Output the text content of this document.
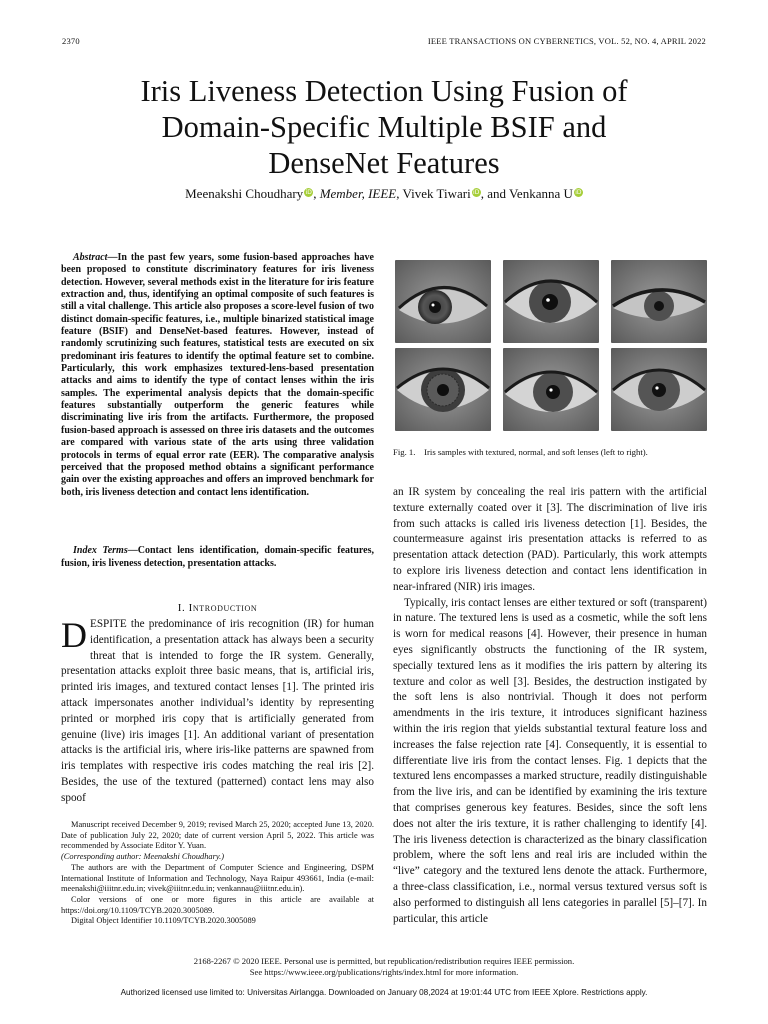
2370	IEEE TRANSACTIONS ON CYBERNETICS, VOL. 52, NO. 4, APRIL 2022
Iris Liveness Detection Using Fusion of
Domain-Specific Multiple BSIF and
DenseNet Features
Meenakshi Choudhary iD, Member, IEEE, Vivek Tiwari iD, and Venkanna U iD
Abstract—In the past few years, some fusion-based approaches have been proposed to constitute discriminatory features for iris liveness detection. However, several methods exist in the literature for iris feature extraction and, thus, identifying an optimal composite of such features is still a vital challenge. This article also proposes a score-level fusion of two distinct domain-specific features, i.e., multiple binarized statistical image feature (BSIF) and DenseNet-based features. However, instead of randomly scrutinizing such features, statistical tests are executed on six predominant iris features to identify the optimal feature set to combine. Particularly, this work emphasizes textured-lens-based presentation attacks and aims to identify the type of contact lenses within the iris samples. The experimental analysis depicts that the domain-specific features substantially outperform the generic features while discriminating live iris from the artifacts. Furthermore, the proposed fusion-based approach is assessed on three iris datasets and the outcomes are compared with various state of the arts using three validation protocols in terms of equal error rate (EER). The comparative analysis perceived that the proposed method obtains a significant performance gain over the existing approaches and offers an improved benchmark for both, iris liveness detection and contact lens identification.
Index Terms—Contact lens identification, domain-specific features, fusion, iris liveness detection, presentation attacks.
I. Introduction
DESPITE the predominance of iris recognition (IR) for human identification, a presentation attack has always been a security threat that is intended to forge the IR system. Generally, presentation attacks exploit three basic means, that is, artificial iris, printed iris images, and textured contact lenses [1]. The printed iris attack impersonates another individual’s identity by representing printed or morphed iris copy that is artificially generated from genuine (live) iris images [1]. An additional variant of presentation attacks is the artificial iris, where iris-like patterns are spawned from iris templates with respective iris codes matching the real iris [2]. Besides, the use of the textured (patterned) contact lens may also spoof

Manuscript received December 9, 2019; revised March 25, 2020; accepted June 13, 2020. Date of publication July 22, 2020; date of current version April 5, 2022. This article was recommended by Associate Editor Y. Yuan.

(Corresponding author: Meenakshi Choudhary.)

The authors are with the Department of Computer Science and Engineering, DSPM International Institute of Information and Technology, Naya Raipur 493661, India (e-mail: meenakshi@iiitnr.edu.in; vivek@iiitnr.edu.in; venkannau@iiitnr.edu.in).

Color versions of one or more figures in this article are available at https://doi.org/10.1109/TCYB.2020.3005089.

Digital Object Identifier 10.1109/TCYB.2020.3005089

Fig. 1. Iris samples with textured, normal, and soft lenses (left to right).

an IR system by concealing the real iris pattern with the artificial texture externally coated over it [3]. The discrimination of live iris from such attacks is called iris liveness detection [1]. Besides, the countermeasure against iris presentation attacks is referred to as presentation attack detection (PAD). Particularly, this work attempts to explore iris liveness detection and contact lens identification in near-infrared (NIR) iris images.

Typically, iris contact lenses are either textured or soft (transparent) in nature. The textured lens is used as a cosmetic, while the soft lens is worn for medical reasons [4]. However, their presence in human eyes significantly obstructs the functioning of the IR system, specially textured lens as it modifies the iris pattern by altering its texture and color as well [3]. Besides, the destruction instigated by the soft lens is also nontrivial. Though it does not perform amendments in the iris texture, it introduces significant haziness within the iris region that yields substantial textural feature loss and increases the false rejection rate [4]. Consequently, it is essential to differentiate live iris from the contact lenses. Fig. 1 depicts that the textured lens encompasses a marked structure, readily distinguishable from the live iris, and can be identified by examining the iris texture that comprises generous key features. Besides, since the soft lens does not alter the iris texture, it is rather challenging to identify [4]. The iris liveness detection is characterized as the binary classification problem, where the soft lens and real iris are included within the “live” category and the textured lens denote the attack. Furthermore, a three-class classification, i.e., normal versus textured versus soft is also performed to distinguish all lens categories in parallel [5]–[7]. In particular, this article

2168-2267 © 2020 IEEE. Personal use is permitted, but republication/redistribution requires IEEE permission.
See https://www.ieee.org/publications/rights/index.html for more information.
Authorized licensed use limited to: Universitas Airlangga. Downloaded on January 08,2024 at 19:01:44 UTC from IEEE Xplore. Restrictions apply.
